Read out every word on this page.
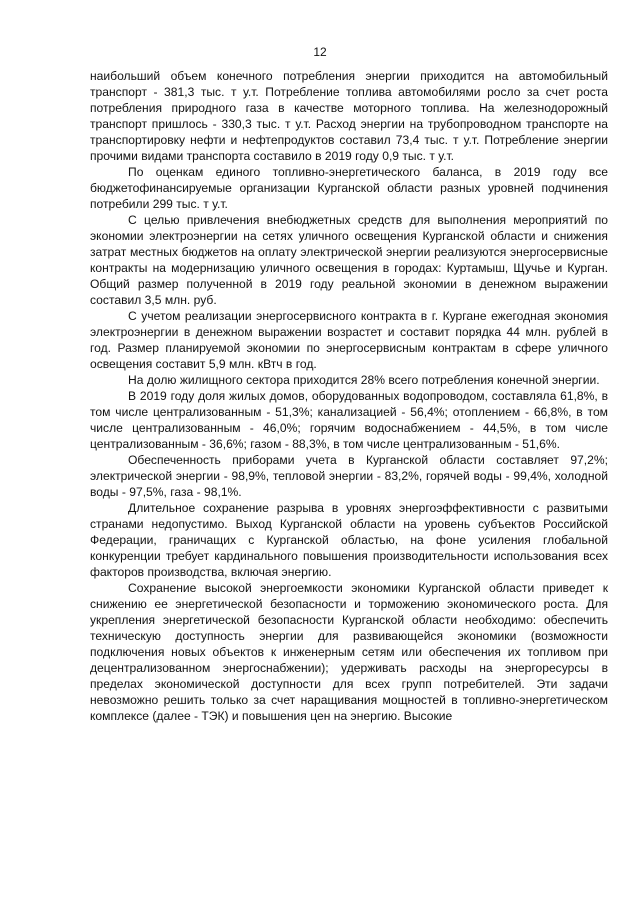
12

наибольший объем конечного потребления энергии приходится на автомобильный транспорт - 381,3 тыс. т у.т. Потребление топлива автомобилями росло за счет роста потребления природного газа в качестве моторного топлива. На железнодорожный транспорт пришлось - 330,3 тыс. т у.т. Расход энергии на трубопроводном транспорте на транспортировку нефти и нефтепродуктов составил 73,4 тыс. т у.т. Потребление энергии прочими видами транспорта составило в 2019 году 0,9 тыс. т у.т.

По оценкам единого топливно-энергетического баланса, в 2019 году все бюджетофинансируемые организации Курганской области разных уровней подчинения потребили 299 тыс. т у.т.

С целью привлечения внебюджетных средств для выполнения мероприятий по экономии электроэнергии на сетях уличного освещения Курганской области и снижения затрат местных бюджетов на оплату электрической энергии реализуются энергосервисные контракты на модернизацию уличного освещения в городах: Куртамыш, Щучье и Курган. Общий размер полученной в 2019 году реальной экономии в денежном выражении составил 3,5 млн. руб.

С учетом реализации энергосервисного контракта в г. Кургане ежегодная экономия электроэнергии в денежном выражении возрастет и составит порядка 44 млн. рублей в год. Размер планируемой экономии по энергосервисным контрактам в сфере уличного освещения составит 5,9 млн. кВтч в год.

На долю жилищного сектора приходится 28% всего потребления конечной энергии.

В 2019 году доля жилых домов, оборудованных водопроводом, составляла 61,8%, в том числе централизованным - 51,3%; канализацией - 56,4%; отоплением - 66,8%, в том числе централизованным - 46,0%; горячим водоснабжением - 44,5%, в том числе централизованным - 36,6%; газом - 88,3%, в том числе централизованным - 51,6%.

Обеспеченность приборами учета в Курганской области составляет 97,2%; электрической энергии - 98,9%, тепловой энергии - 83,2%, горячей воды - 99,4%, холодной воды - 97,5%, газа - 98,1%.

Длительное сохранение разрыва в уровнях энергоэффективности с развитыми странами недопустимо. Выход Курганской области на уровень субъектов Российской Федерации, граничащих с Курганской областью, на фоне усиления глобальной конкуренции требует кардинального повышения производительности использования всех факторов производства, включая энергию.

Сохранение высокой энергоемкости экономики Курганской области приведет к снижению ее энергетической безопасности и торможению экономического роста. Для укрепления энергетической безопасности Курганской области необходимо: обеспечить техническую доступность энергии для развивающейся экономики (возможности подключения новых объектов к инженерным сетям или обеспечения их топливом при децентрализованном энергоснабжении); удерживать расходы на энергоресурсы в пределах экономической доступности для всех групп потребителей. Эти задачи невозможно решить только за счет наращивания мощностей в топливно-энергетическом комплексе (далее - ТЭК) и повышения цен на энергию. Высокие
